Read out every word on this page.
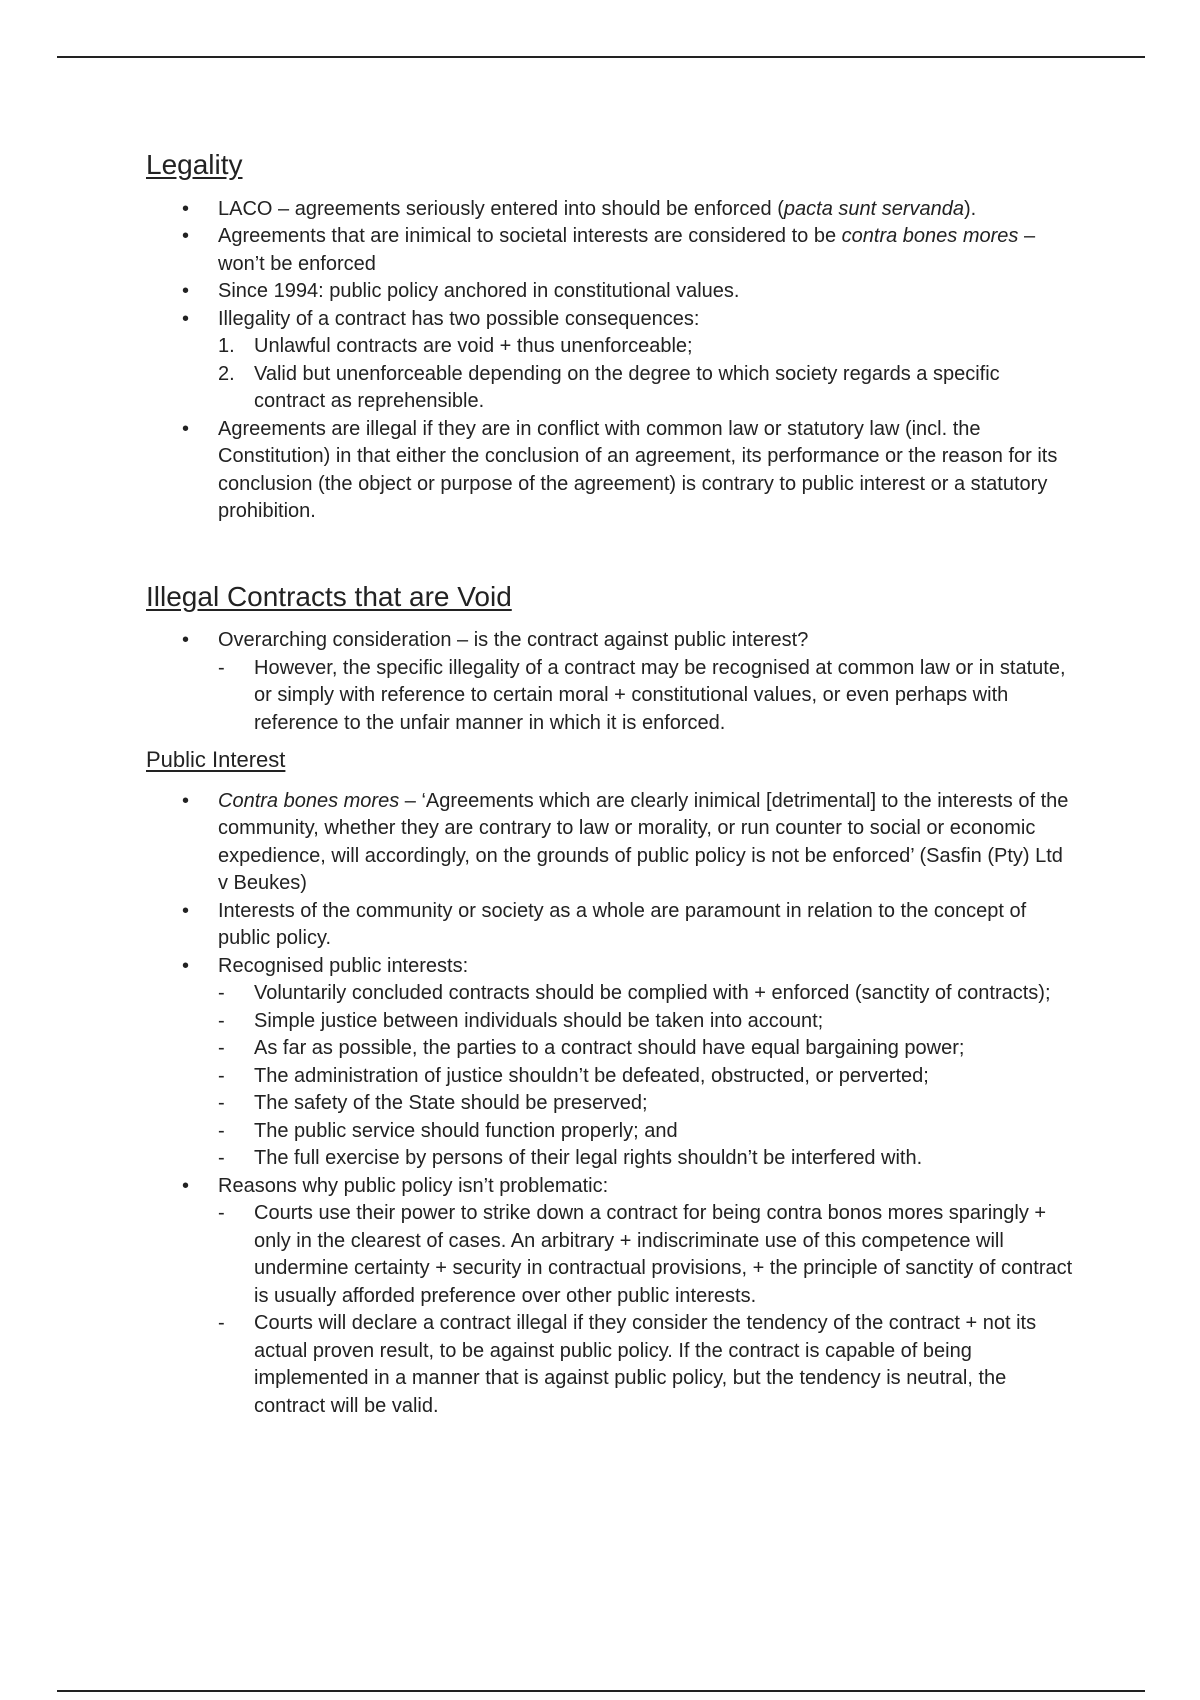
Legality
•	LACO – agreements seriously entered into should be enforced (pacta sunt servanda).
•	Agreements that are inimical to societal interests are considered to be contra bones mores – won’t be enforced
•	Since 1994: public policy anchored in constitutional values.
•	Illegality of a contract has two possible consequences:
1. Unlawful contracts are void + thus unenforceable;
2. Valid but unenforceable depending on the degree to which society regards a specific contract as reprehensible.
•	Agreements are illegal if they are in conflict with common law or statutory law (incl. the Constitution) in that either the conclusion of an agreement, its performance or the reason for its conclusion (the object or purpose of the agreement) is contrary to public interest or a statutory prohibition.
Illegal Contracts that are Void
•	Overarching consideration – is the contract against public interest?
- However, the specific illegality of a contract may be recognised at common law or in statute, or simply with reference to certain moral + constitutional values, or even perhaps with reference to the unfair manner in which it is enforced.
Public Interest
•	Contra bones mores – ‘Agreements which are clearly inimical [detrimental] to the interests of the community, whether they are contrary to law or morality, or run counter to social or economic expedience, will accordingly, on the grounds of public policy is not be enforced’ (Sasfin (Pty) Ltd v Beukes)
•	Interests of the community or society as a whole are paramount in relation to the concept of public policy.
•	Recognised public interests:
- Voluntarily concluded contracts should be complied with + enforced (sanctity of contracts);
- Simple justice between individuals should be taken into account;
- As far as possible, the parties to a contract should have equal bargaining power;
- The administration of justice shouldn’t be defeated, obstructed, or perverted;
- The safety of the State should be preserved;
- The public service should function properly; and
- The full exercise by persons of their legal rights shouldn’t be interfered with.
•	Reasons why public policy isn’t problematic:
- Courts use their power to strike down a contract for being contra bonos mores sparingly + only in the clearest of cases. An arbitrary + indiscriminate use of this competence will undermine certainty + security in contractual provisions, + the principle of sanctity of contract is usually afforded preference over other public interests.
- Courts will declare a contract illegal if they consider the tendency of the contract + not its actual proven result, to be against public policy. If the contract is capable of being implemented in a manner that is against public policy, but the tendency is neutral, the contract will be valid.
